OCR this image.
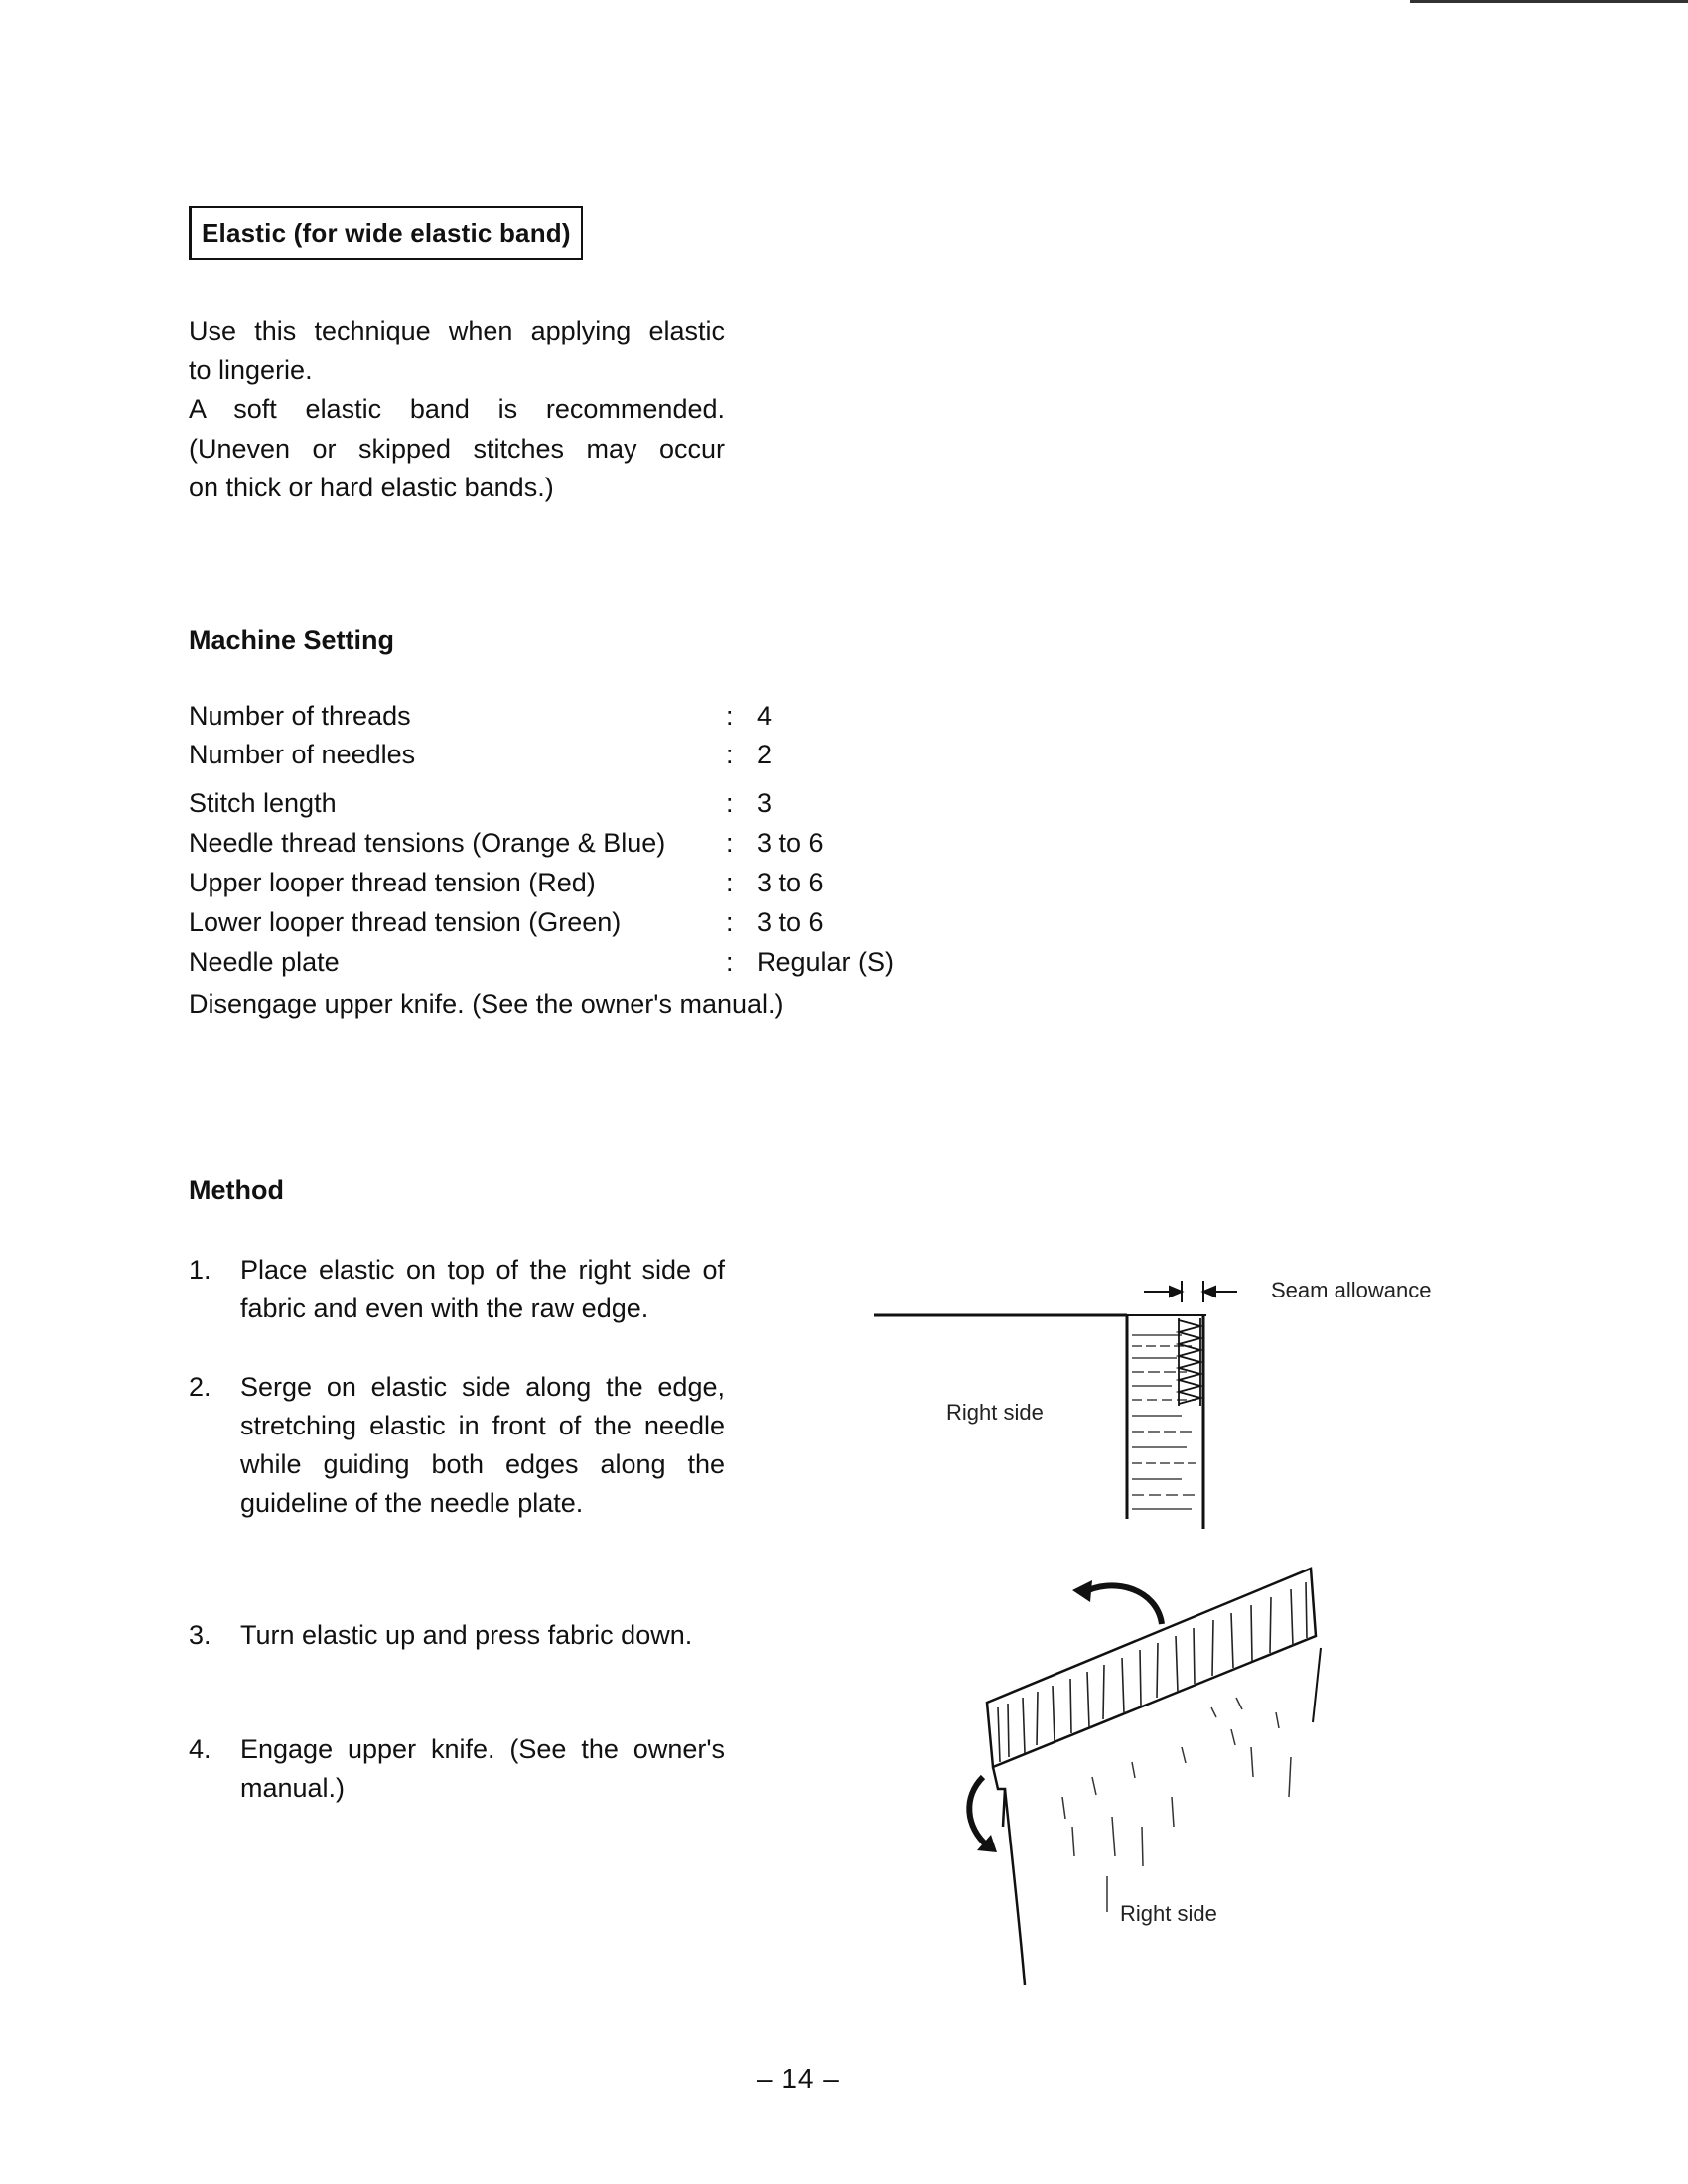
Elastic (for wide elastic band)

Use this technique when applying elastic

to lingerie.

A soft elastic band is recommended.

(Uneven or skipped stitches may occur

on thick or hard elastic bands.)

Machine Setting
Number of threads	: 4
Number of needles	: 2
Stitch length	: 3
Needle thread tensions (Orange & Blue) : 3 to 6
Upper looper thread tension (Red)	: 3 to 6
Lower looper thread tension (Green)	: 3 to 6
Needle plate	: Regular (S)
Disengage upper knife. (See the owner's manual.)
Method
1. Place elastic on top of the right side of fabric and even with the raw edge.
2. Serge on elastic side along the edge, stretching elastic in front of the needle while guiding both edges along the guideline of the needle plate.
3. Turn elastic up and press fabric down.
4. Engage upper knife. (See the owner's manual.)
Seam allowance
Right side
Right side
– 14 –
